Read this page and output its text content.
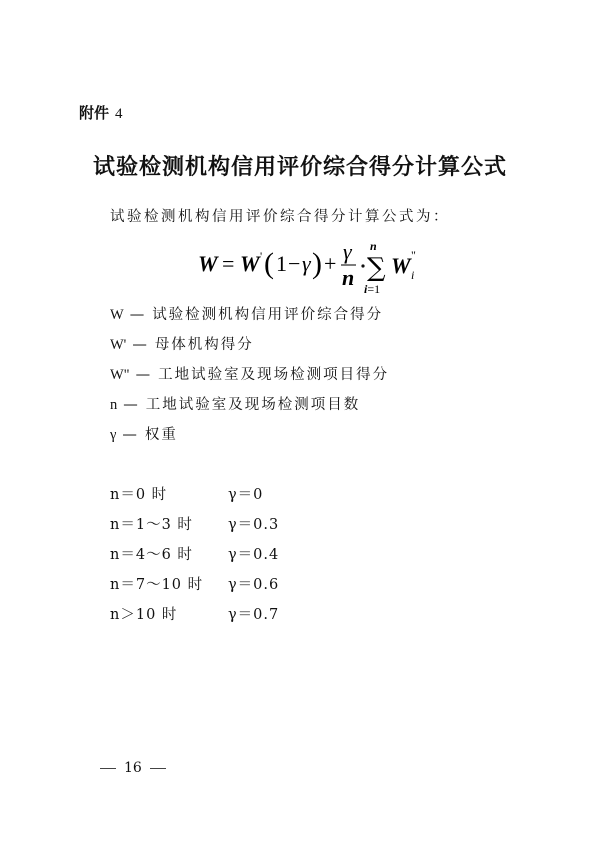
附件 4
试验检测机构信用评价综合得分计算公式
试验检测机构信用评价综合得分计算公式为：
W = W ' ( 1 − γ ) + γ
n
n
∑
i=1
W "
i
W — 试验检测机构信用评价综合得分
W' — 母体机构得分
W" — 工地试验室及现场检测项目得分
n — 工地试验室及现场检测项目数
γ — 权重
n＝0 时	γ＝0
n＝1～3 时 γ＝0.3
n＝4～6 时 γ＝0.4
n＝7～10 时 γ＝0.6
n＞10 时	γ＝0.7
16
